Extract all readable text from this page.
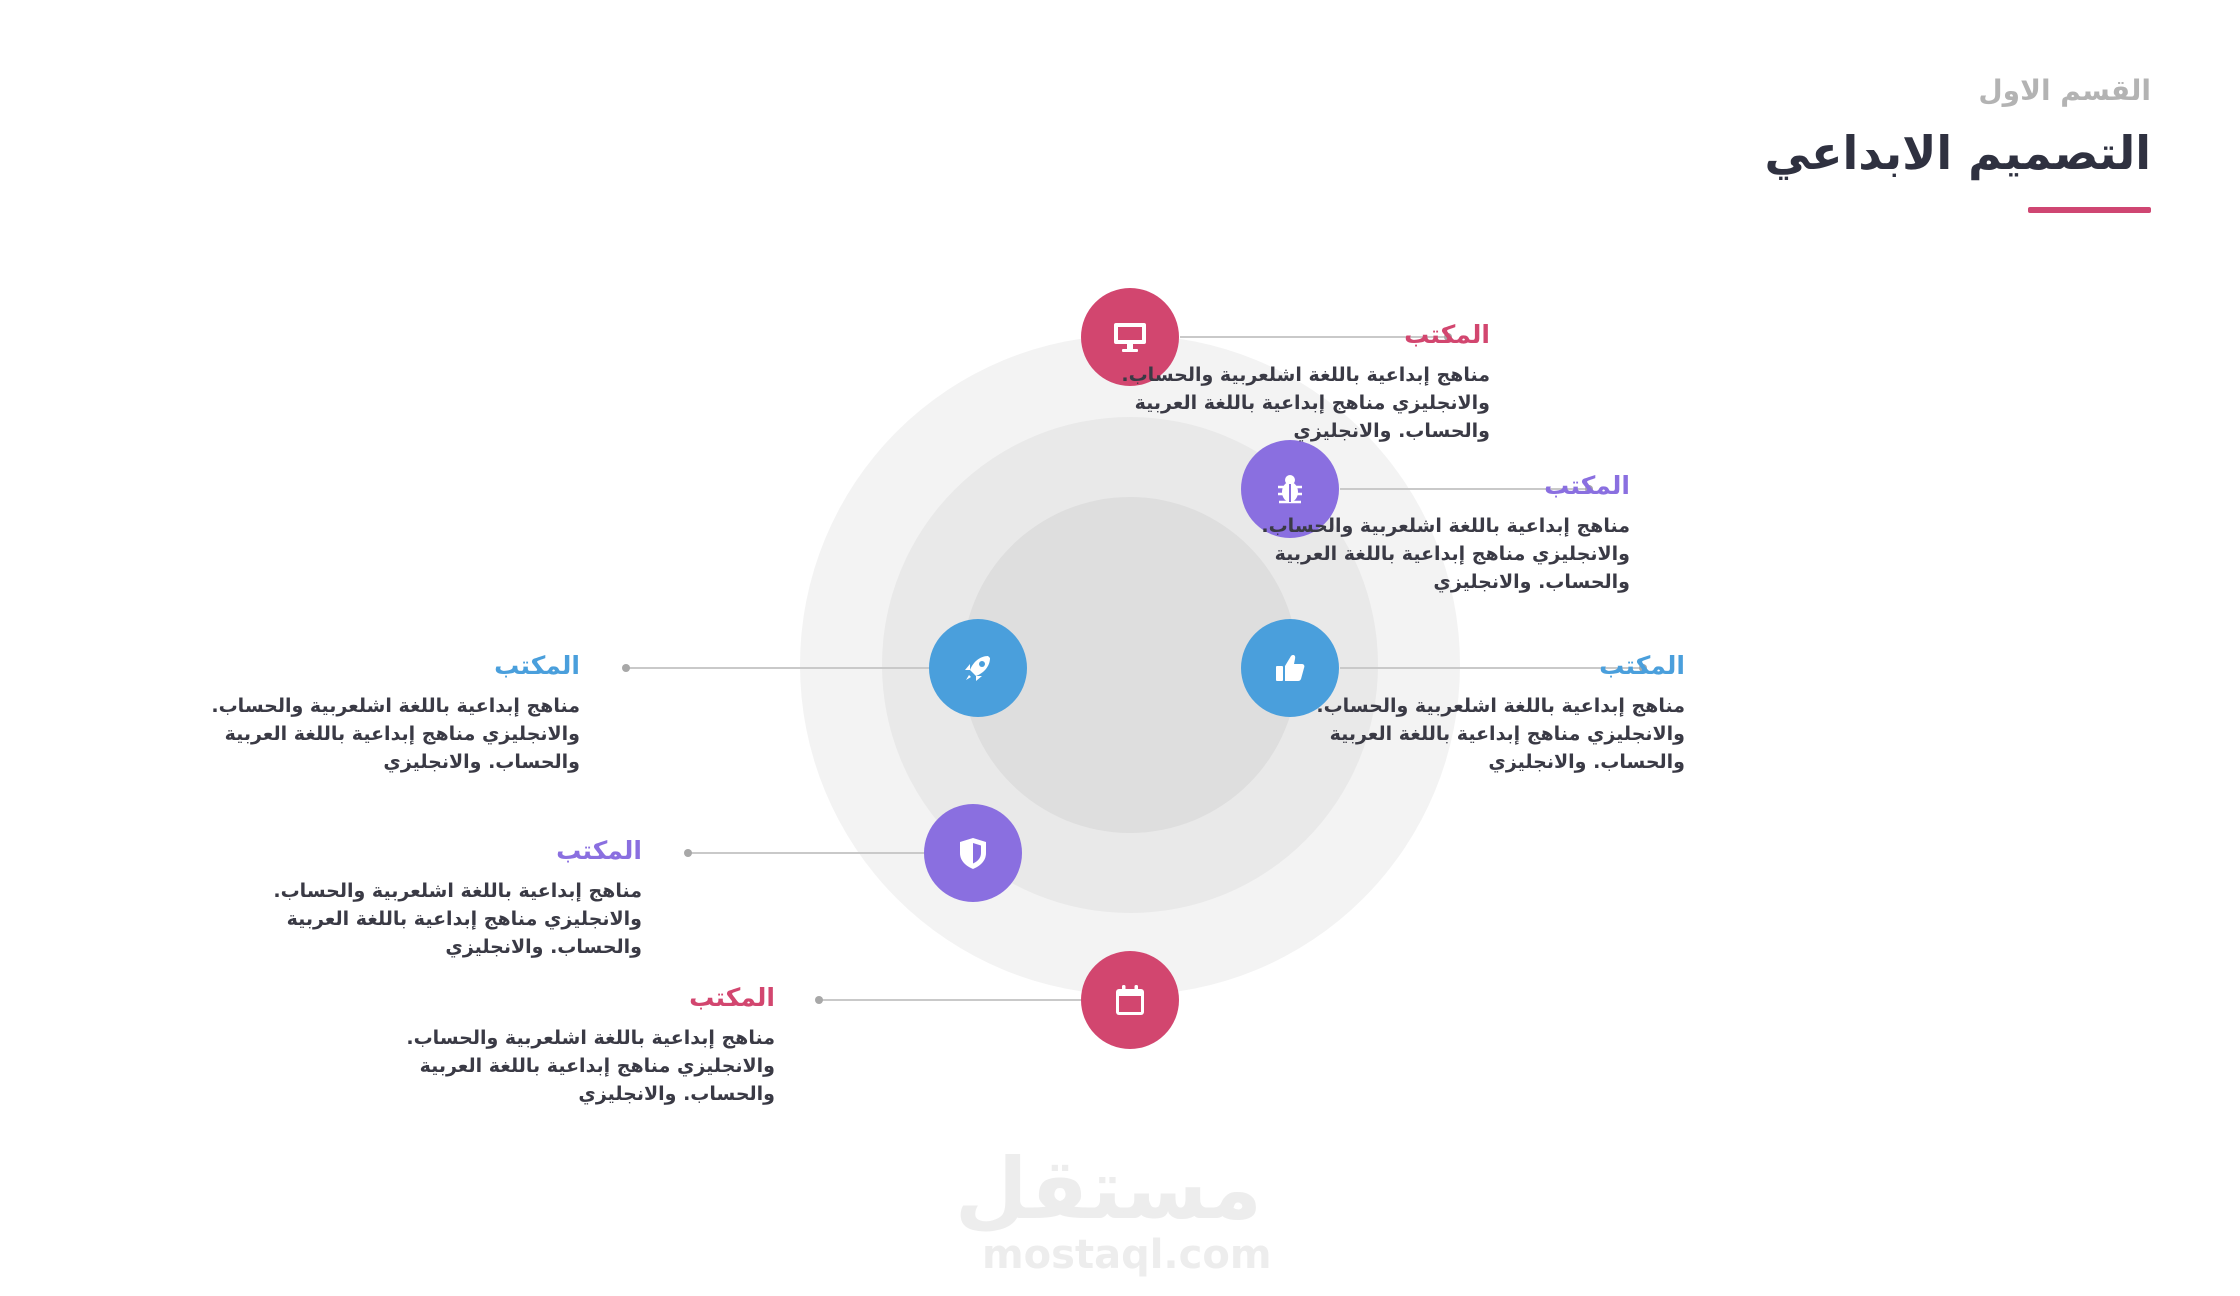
القسم الاول
التصميم الابداعي
المكتب
مناهج إبداعية باللغة اشلعربية والحساب.
والانجليزي مناهج إبداعية باللغة العربية
والحساب. والانجليزي
المكتب
مناهج إبداعية باللغة اشلعربية والحساب.
والانجليزي مناهج إبداعية باللغة العربية
والحساب. والانجليزي
المكتب
مناهج إبداعية باللغة اشلعربية والحساب.
والانجليزي مناهج إبداعية باللغة العربية
والحساب. والانجليزي
المكتب
مناهج إبداعية باللغة اشلعربية والحساب.
والانجليزي مناهج إبداعية باللغة العربية
والحساب. والانجليزي
المكتب
مناهج إبداعية باللغة اشلعربية والحساب.
والانجليزي مناهج إبداعية باللغة العربية
والحساب. والانجليزي
المكتب
مناهج إبداعية باللغة اشلعربية والحساب.
والانجليزي مناهج إبداعية باللغة العربية
والحساب. والانجليزي
مستقل
mostaql.com
